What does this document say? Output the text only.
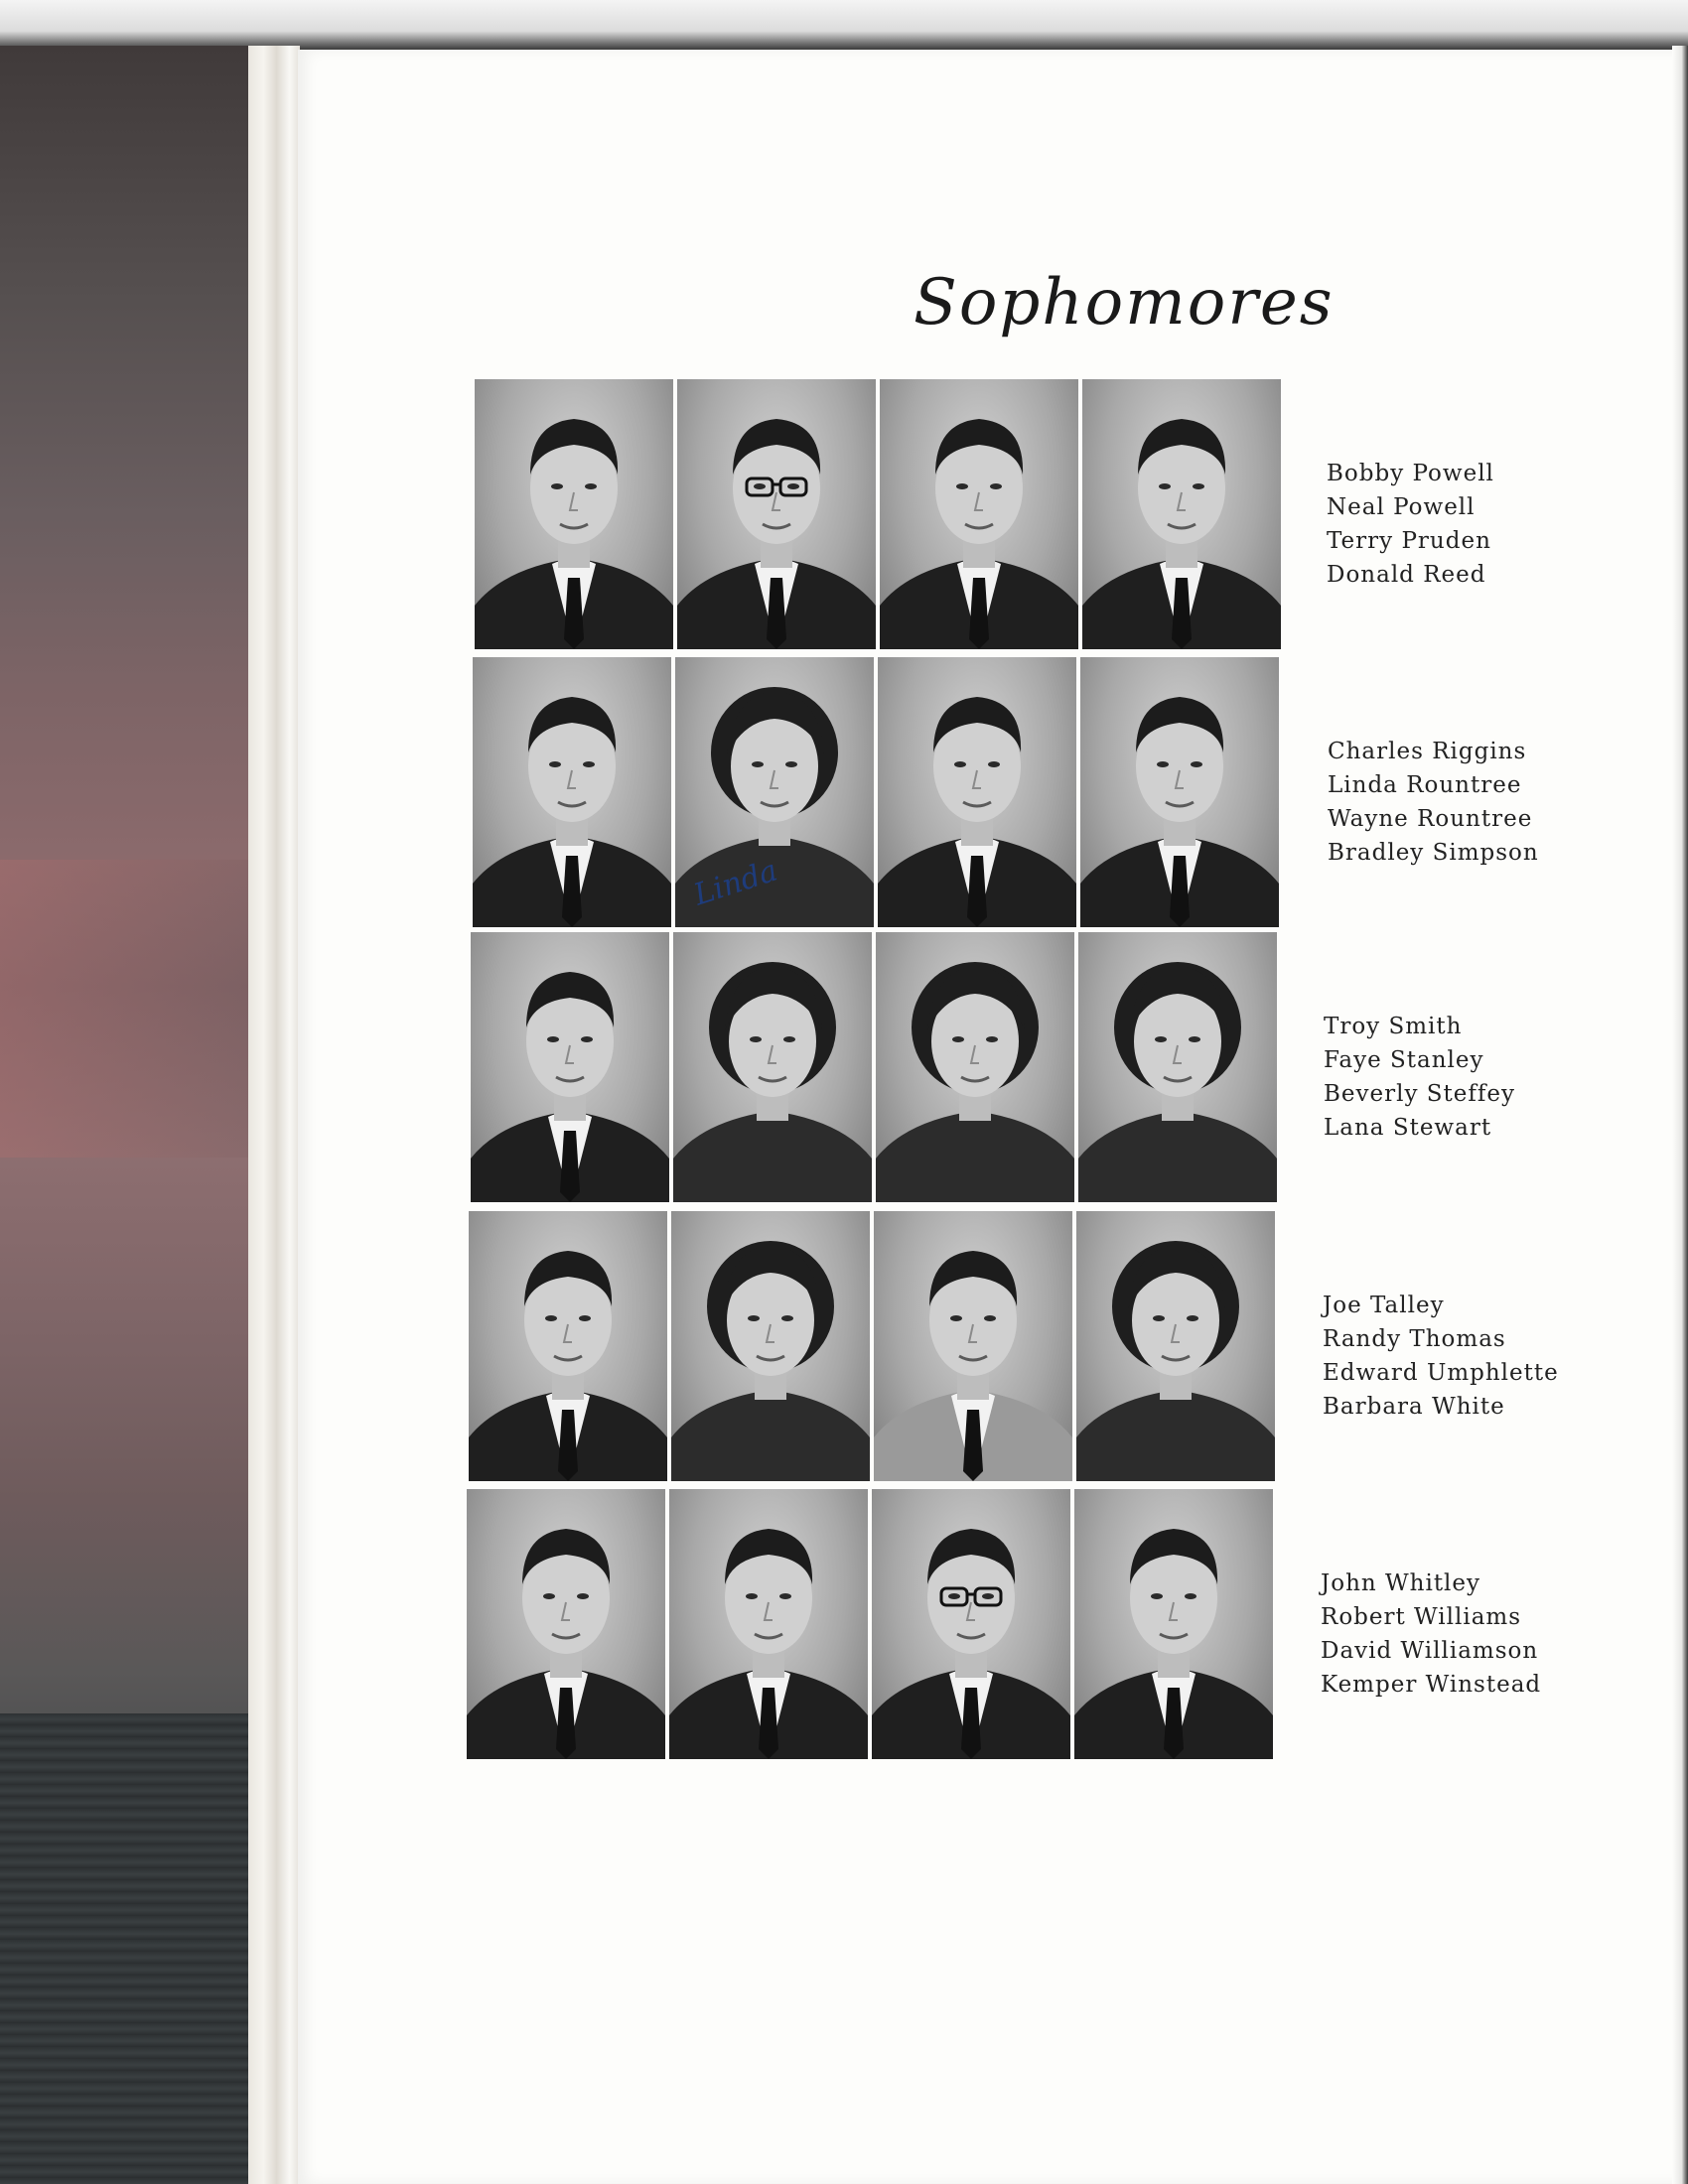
Sophomores
Bobby Powell
Neal Powell
Terry Pruden
Donald Reed
Linda
Charles Riggins
Linda Rountree
Wayne Rountree
Bradley Simpson
Troy Smith
Faye Stanley
Beverly Steffey
Lana Stewart
Joe Talley
Randy Thomas
Edward Umphlette
Barbara White
John Whitley
Robert Williams
David Williamson
Kemper Winstead
